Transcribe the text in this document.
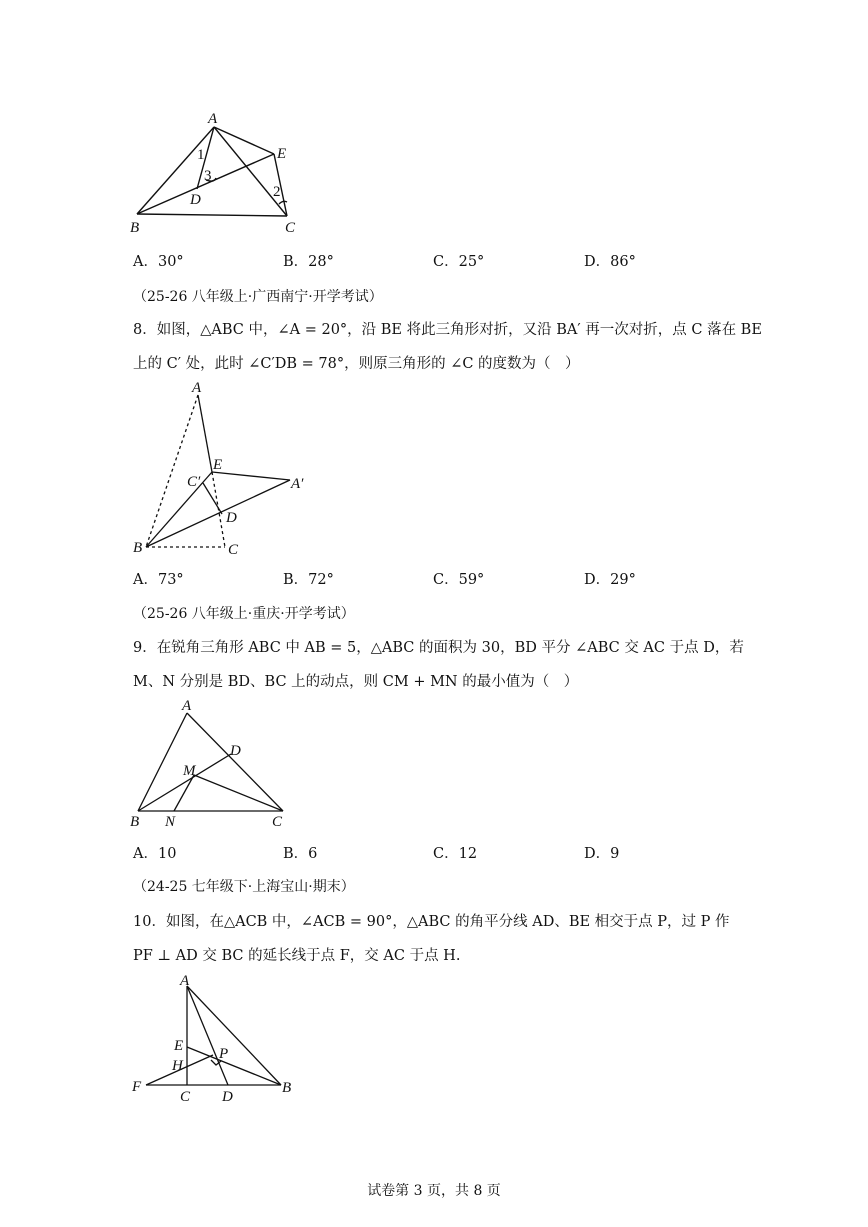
A
E
D
B	C
1
3
2
A．30°	B．28°	C．25°	D．86°
（25-26 八年级上·广西南宁·开学考试）
8．如图，△ABC 中，∠A = 20°，沿 BE 将此三角形对折，又沿 BA′ 再一次对折，点 C 落在 BE
上的 C′ 处，此时 ∠C′DB = 78°，则原三角形的 ∠C 的度数为（　）
A
E
C′	A′
D
B	C
A．73°	B．72°	C．59°	D．29°
（25-26 八年级上·重庆·开学考试）
9．在锐角三角形 ABC 中 AB = 5，△ABC 的面积为 30，BD 平分 ∠ABC 交 AC 于点 D，若
M、N 分别是 BD、BC 上的动点，则 CM + MN 的最小值为（　）
A
D
M
B N	C
A．10	B．6	C．12	D．9
（24-25 七年级下·上海宝山·期末）
10．如图，在△ACB 中，∠ACB = 90°，△ABC 的角平分线 AD、BE 相交于点 P，过 P 作
PF ⊥ AD 交 BC 的延长线于点 F，交 AC 于点 H.
A
E
H
P
F
C D
B
试卷第 3 页，共 8 页
